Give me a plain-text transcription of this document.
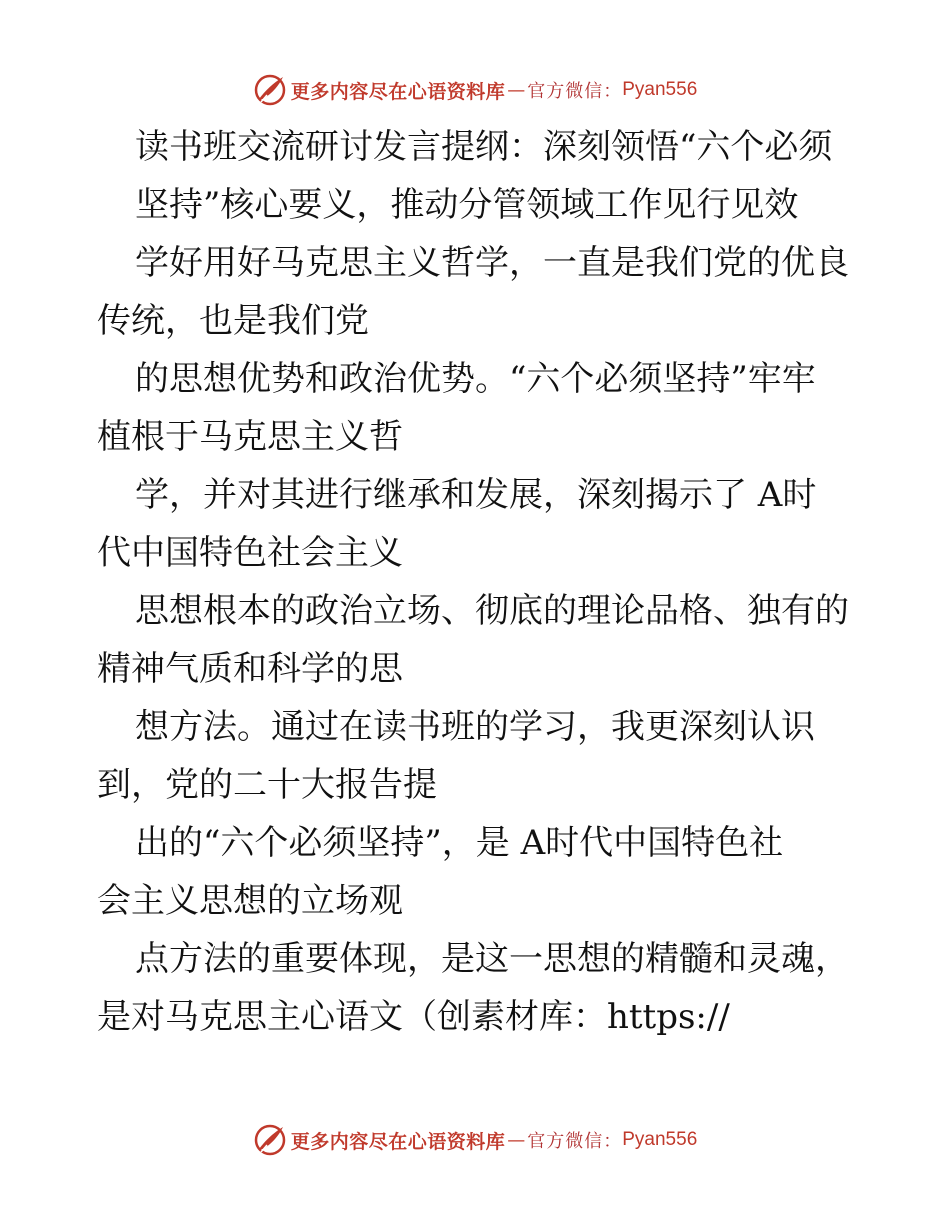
更多内容尽在心语资料库 — 官方微信： Pyan556

读书班交流研讨发言提纲：深刻领悟“六个必须

坚持”核心要义，推动分管领域工作见行见效

学好用好马克思主义哲学，一直是我们党的优良

传统，也是我们党

的思想优势和政治优势。“六个必须坚持”牢牢

植根于马克思主义哲

学，并对其进行继承和发展，深刻揭示了 A时

代中国特色社会主义

思想根本的政治立场、彻底的理论品格、独有的

精神气质和科学的思

想方法。通过在读书班的学习，我更深刻认识

到，党的二十大报告提

出的“六个必须坚持”，是 A时代中国特色社

会主义思想的立场观

点方法的重要体现，是这一思想的精髓和灵魂，

是对马克思主心语文（创素材库：https://

更多内容尽在心语资料库 — 官方微信： Pyan556
